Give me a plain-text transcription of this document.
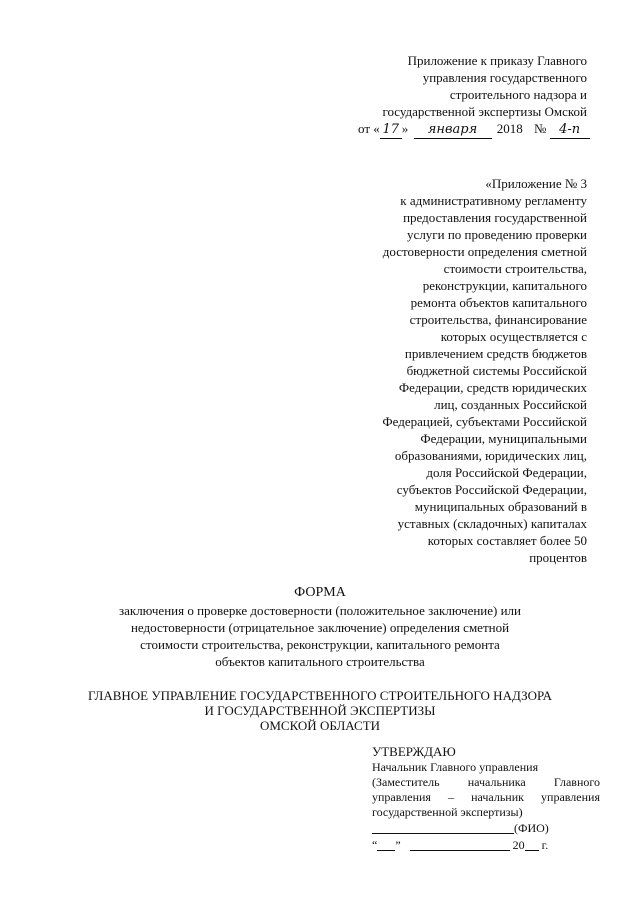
Приложение к приказу Главного
управления государственного
строительного надзора и
государственной экспертизы Омской
от « 17 » января 2018 № 4-п
«Приложение № 3
к административному регламенту
предоставления государственной
услуги по проведению проверки
достоверности определения сметной
стоимости строительства,
реконструкции, капитального
ремонта объектов капитального
строительства, финансирование
которых осуществляется с
привлечением средств бюджетов
бюджетной системы Российской
Федерации, средств юридических
лиц, созданных Российской
Федерацией, субъектами Российской
Федерации, муниципальными
образованиями, юридических лиц,
доля Российской Федерации,
субъектов Российской Федерации,
муниципальных образований в
уставных (складочных) капиталах
которых составляет более 50
процентов
ФОРМА
заключения о проверке достоверности (положительное заключение) или
недостоверности (отрицательное заключение) определения сметной
стоимости строительства, реконструкции, капитального ремонта
объектов капитального строительства
ГЛАВНОЕ УПРАВЛЕНИЕ ГОСУДАРСТВЕННОГО СТРОИТЕЛЬНОГО НАДЗОРА
И ГОСУДАРСТВЕННОЙ ЭКСПЕРТИЗЫ
ОМСКОЙ ОБЛАСТИ
УТВЕРЖДАЮ
Начальник Главного управления
(Заместитель начальника Главного
управления – начальник управления
государственной экспертизы)
(ФИО)
“ ”	20 г.
